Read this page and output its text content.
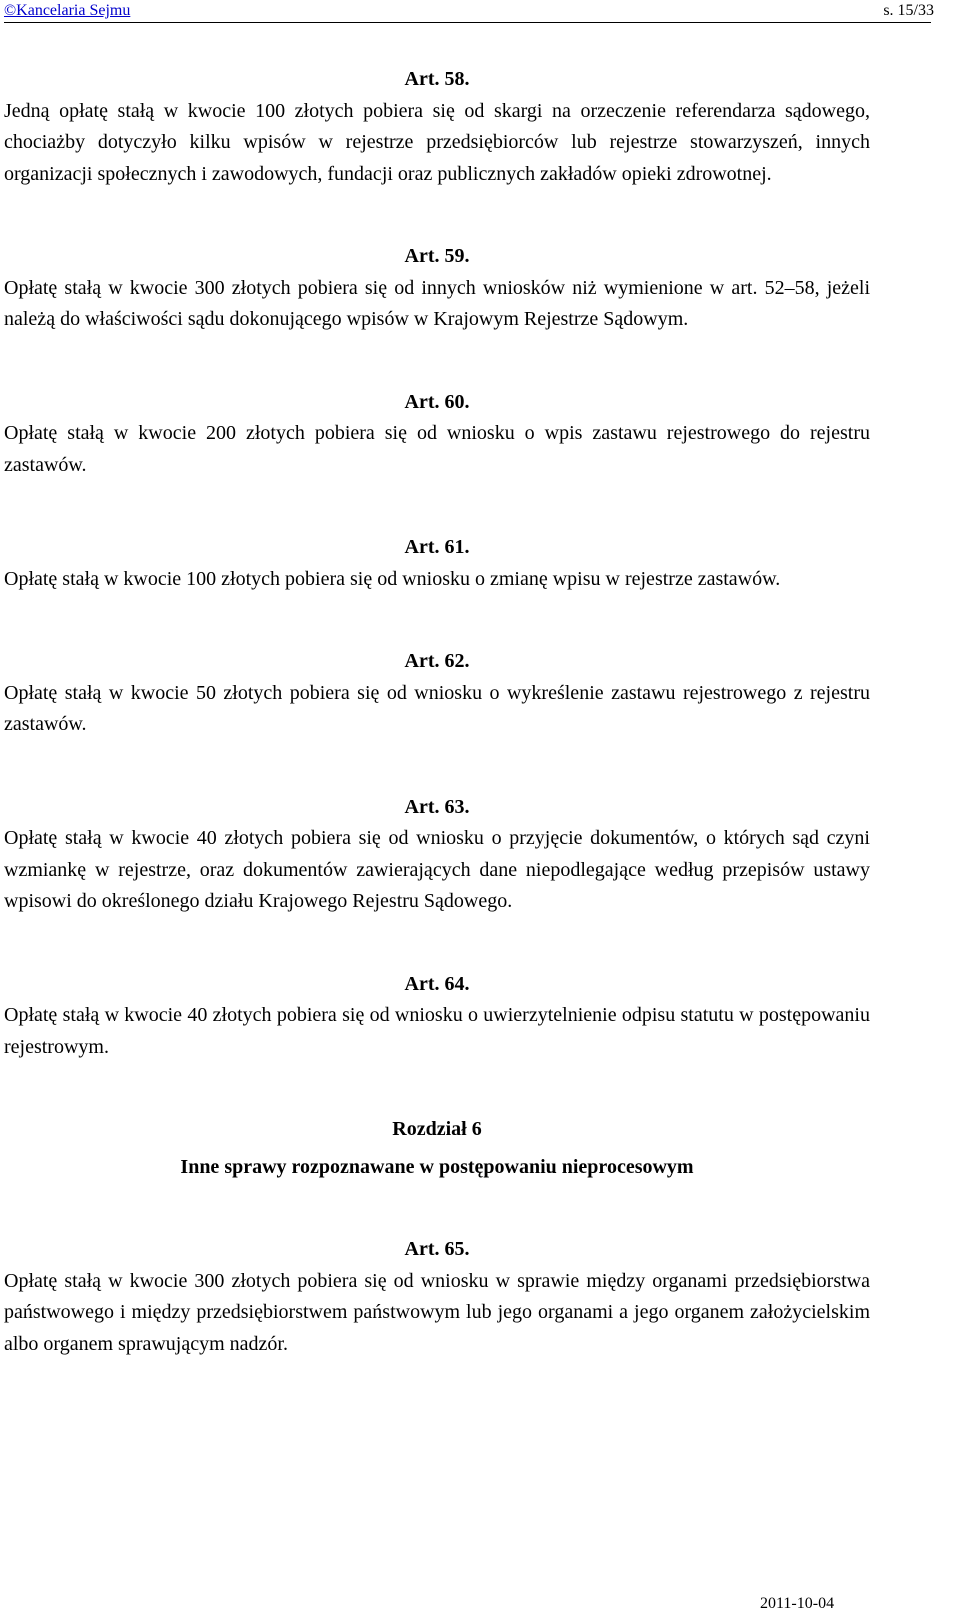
©Kancelaria Sejmu	s. 15/33

Art. 58.

Jedną opłatę stałą w kwocie 100 złotych pobiera się od skargi na orzeczenie referendarza sądowego, chociażby dotyczyło kilku wpisów w rejestrze przedsiębiorców lub rejestrze stowarzyszeń, innych organizacji społecznych i zawodowych, fundacji oraz publicznych zakładów opieki zdrowotnej.

Art. 59.

Opłatę stałą w kwocie 300 złotych pobiera się od innych wniosków niż wymienione w art. 52–58, jeżeli należą do właściwości sądu dokonującego wpisów w Krajowym Rejestrze Sądowym.

Art. 60.

Opłatę stałą w kwocie 200 złotych pobiera się od wniosku o wpis zastawu rejestrowego do rejestru zastawów.

Art. 61.

Opłatę stałą w kwocie 100 złotych pobiera się od wniosku o zmianę wpisu w rejestrze zastawów.

Art. 62.

Opłatę stałą w kwocie 50 złotych pobiera się od wniosku o wykreślenie zastawu rejestrowego z rejestru zastawów.

Art. 63.

Opłatę stałą w kwocie 40 złotych pobiera się od wniosku o przyjęcie dokumentów, o których sąd czyni wzmiankę w rejestrze, oraz dokumentów zawierających dane niepodlegające według przepisów ustawy wpisowi do określonego działu Krajowego Rejestru Sądowego.

Art. 64.

Opłatę stałą w kwocie 40 złotych pobiera się od wniosku o uwierzytelnienie odpisu statutu w postępowaniu rejestrowym.

Rozdział 6

Inne sprawy rozpoznawane w postępowaniu nieprocesowym

Art. 65.

Opłatę stałą w kwocie 300 złotych pobiera się od wniosku w sprawie między organami przedsiębiorstwa państwowego i między przedsiębiorstwem państwowym lub jego organami a jego organem założycielskim albo organem sprawującym nadzór.

2011-10-04
